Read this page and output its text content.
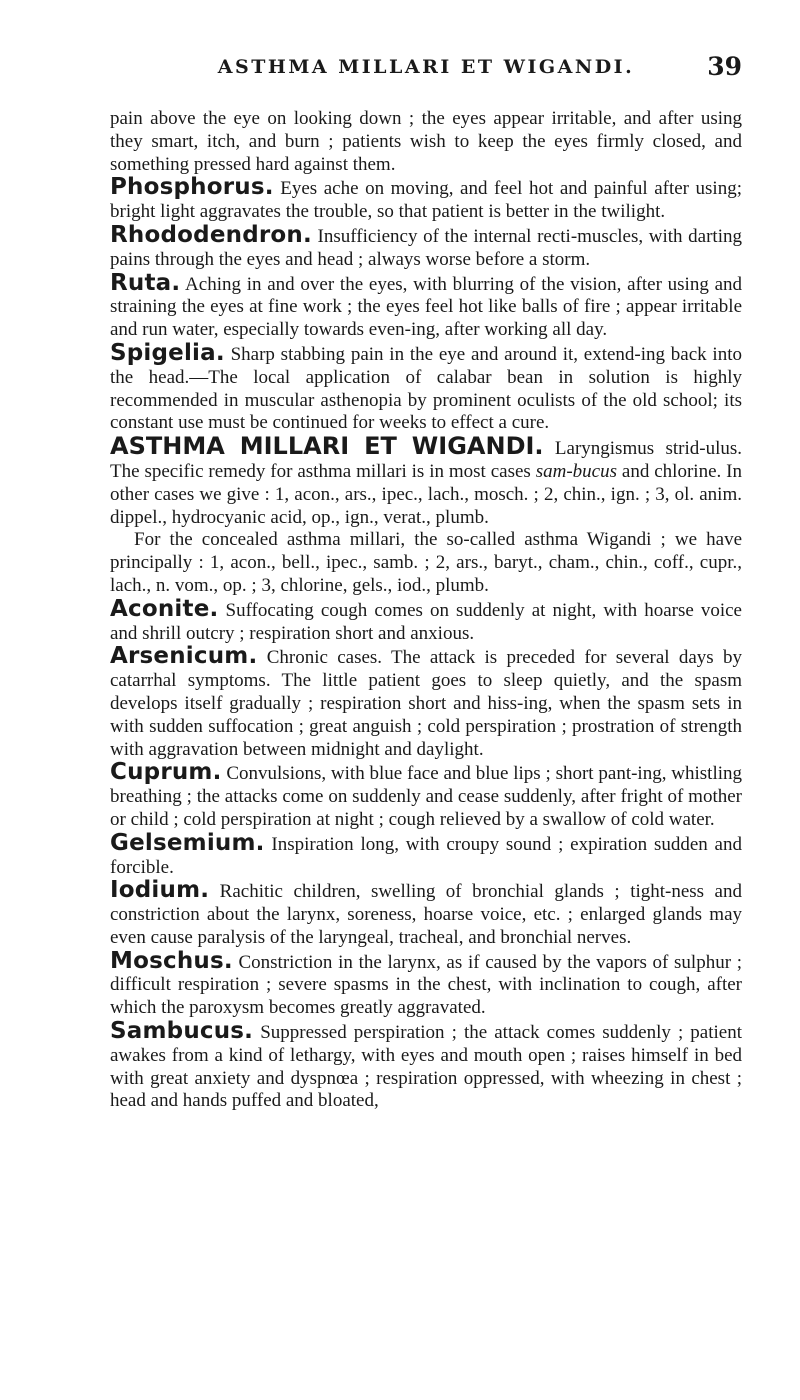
ASTHMA MILLARI ET WIGANDI.	39

pain above the eye on looking down ; the eyes appear irritable, and after using they smart, itch, and burn ; patients wish to keep the eyes firmly closed, and something pressed hard against them.

Phosphorus. Eyes ache on moving, and feel hot and painful after using; bright light aggravates the trouble, so that patient is better in the twilight.

Rhododendron. Insufficiency of the internal recti-muscles, with darting pains through the eyes and head ; always worse before a storm.

Ruta. Aching in and over the eyes, with blurring of the vision, after using and straining the eyes at fine work ; the eyes feel hot like balls of fire ; appear irritable and run water, especially towards even-ing, after working all day.

Spigelia. Sharp stabbing pain in the eye and around it, extend-ing back into the head.—The local application of calabar bean in solution is highly recommended in muscular asthenopia by prominent oculists of the old school; its constant use must be continued for weeks to effect a cure.

ASTHMA MILLARI ET WIGANDI. Laryngismus strid-ulus. The specific remedy for asthma millari is in most cases sam-bucus and chlorine. In other cases we give : 1, acon., ars., ipec., lach., mosch. ; 2, chin., ign. ; 3, ol. anim. dippel., hydrocyanic acid, op., ign., verat., plumb.

For the concealed asthma millari, the so-called asthma Wigandi ; we have principally : 1, acon., bell., ipec., samb. ; 2, ars., baryt., cham., chin., coff., cupr., lach., n. vom., op. ; 3, chlorine, gels., iod., plumb.

Aconite. Suffocating cough comes on suddenly at night, with hoarse voice and shrill outcry ; respiration short and anxious.

Arsenicum. Chronic cases. The attack is preceded for several days by catarrhal symptoms. The little patient goes to sleep quietly, and the spasm develops itself gradually ; respiration short and hiss-ing, when the spasm sets in with sudden suffocation ; great anguish ; cold perspiration ; prostration of strength with aggravation between midnight and daylight.

Cuprum. Convulsions, with blue face and blue lips ; short pant-ing, whistling breathing ; the attacks come on suddenly and cease suddenly, after fright of mother or child ; cold perspiration at night ; cough relieved by a swallow of cold water.

Gelsemium. Inspiration long, with croupy sound ; expiration sudden and forcible.

Iodium. Rachitic children, swelling of bronchial glands ; tight-ness and constriction about the larynx, soreness, hoarse voice, etc. ; enlarged glands may even cause paralysis of the laryngeal, tracheal, and bronchial nerves.

Moschus. Constriction in the larynx, as if caused by the vapors of sulphur ; difficult respiration ; severe spasms in the chest, with inclination to cough, after which the paroxysm becomes greatly aggravated.

Sambucus. Suppressed perspiration ; the attack comes suddenly ; patient awakes from a kind of lethargy, with eyes and mouth open ; raises himself in bed with great anxiety and dyspnœa ; respiration oppressed, with wheezing in chest ; head and hands puffed and bloated,
